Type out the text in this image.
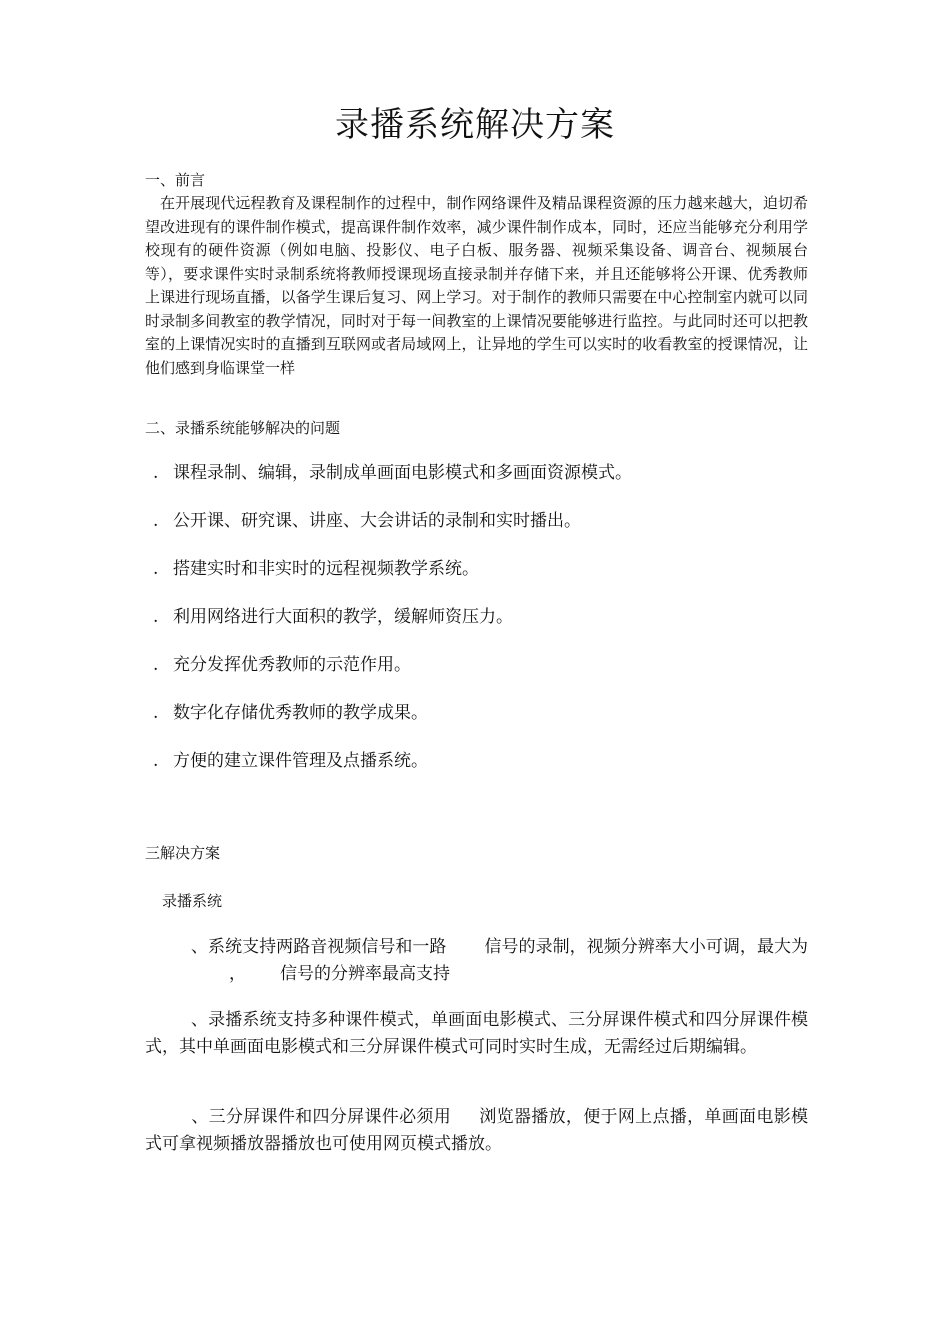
录播系统解决方案
一、前言

在开展现代远程教育及课程制作的过程中，制作网络课件及精品课程资源的压力越来越大，迫切希望改进现有的课件制作模式，提高课件制作效率，减少课件制作成本，同时，还应当能够充分利用学校现有的硬件资源（例如电脑、投影仪、电子白板、服务器、视频采集设备、调音台、视频展台等），要求课件实时录制系统将教师授课现场直接录制并存储下来，并且还能够将公开课、优秀教师上课进行现场直播，以备学生课后复习、网上学习。对于制作的教师只需要在中心控制室内就可以同时录制多间教室的教学情况，同时对于每一间教室的上课情况要能够进行监控。与此同时还可以把教室的上课情况实时的直播到互联网或者局域网上，让异地的学生可以实时的收看教室的授课情况，让他们感到身临课堂一样

二、录播系统能够解决的问题
. 课程录制、编辑，录制成单画面电影模式和多画面资源模式。
. 公开课、研究课、讲座、大会讲话的录制和实时播出。
. 搭建实时和非实时的远程视频教学系统。
. 利用网络进行大面积的教学，缓解师资压力。
. 充分发挥优秀教师的示范作用。
. 数字化存储优秀教师的教学成果。
. 方便的建立课件管理及点播系统。
三解决方案
录播系统

、系统支持两路音视频信号和一路 信号的录制，视频分辨率大小可调，最大为， 信号的分辨率最高支持

、录播系统支持多种课件模式，单画面电影模式、三分屏课件模式和四分屏课件模式，其中单画面电影模式和三分屏课件模式可同时实时生成，无需经过后期编辑。

、三分屏课件和四分屏课件必须用 浏览器播放，便于网上点播，单画面电影模式可拿视频播放器播放也可使用网页模式播放。
